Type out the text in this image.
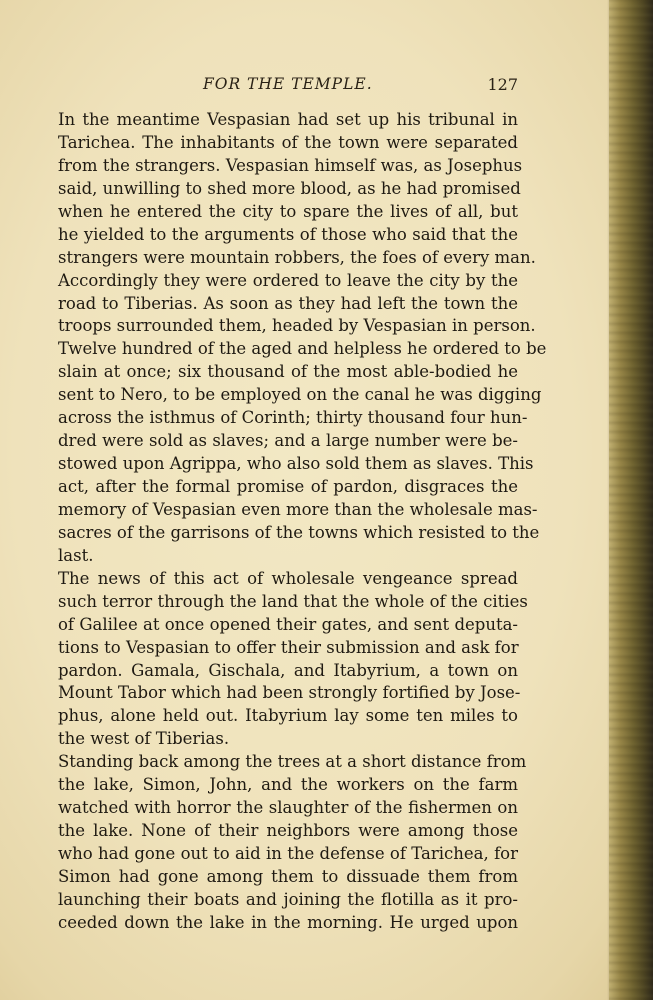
FOR THE TEMPLE.	127
In the meantime Vespasian had set up his tribunal in
Tarichea. The inhabitants of the town were separated
from the strangers. Vespasian himself was, as Josephus
said, unwilling to shed more blood, as he had promised
when he entered the city to spare the lives of all, but
he yielded to the arguments of those who said that the
strangers were mountain robbers, the foes of every man.
Accordingly they were ordered to leave the city by the
road to Tiberias. As soon as they had left the town the
troops surrounded them, headed by Vespasian in person.
Twelve hundred of the aged and helpless he ordered to be
slain at once; six thousand of the most able-bodied he
sent to Nero, to be employed on the canal he was digging
across the isthmus of Corinth; thirty thousand four hun-
dred were sold as slaves; and a large number were be-
stowed upon Agrippa, who also sold them as slaves. This
act, after the formal promise of pardon, disgraces the
memory of Vespasian even more than the wholesale mas-
sacres of the garrisons of the towns which resisted to the
last.
The news of this act of wholesale vengeance spread
such terror through the land that the whole of the cities
of Galilee at once opened their gates, and sent deputa-
tions to Vespasian to offer their submission and ask for
pardon. Gamala, Gischala, and Itabyrium, a town on
Mount Tabor which had been strongly fortified by Jose-
phus, alone held out. Itabyrium lay some ten miles to
the west of Tiberias.
Standing back among the trees at a short distance from
the lake, Simon, John, and the workers on the farm
watched with horror the slaughter of the fishermen on
the lake. None of their neighbors were among those
who had gone out to aid in the defense of Tarichea, for
Simon had gone among them to dissuade them from
launching their boats and joining the flotilla as it pro-
ceeded down the lake in the morning. He urged upon
